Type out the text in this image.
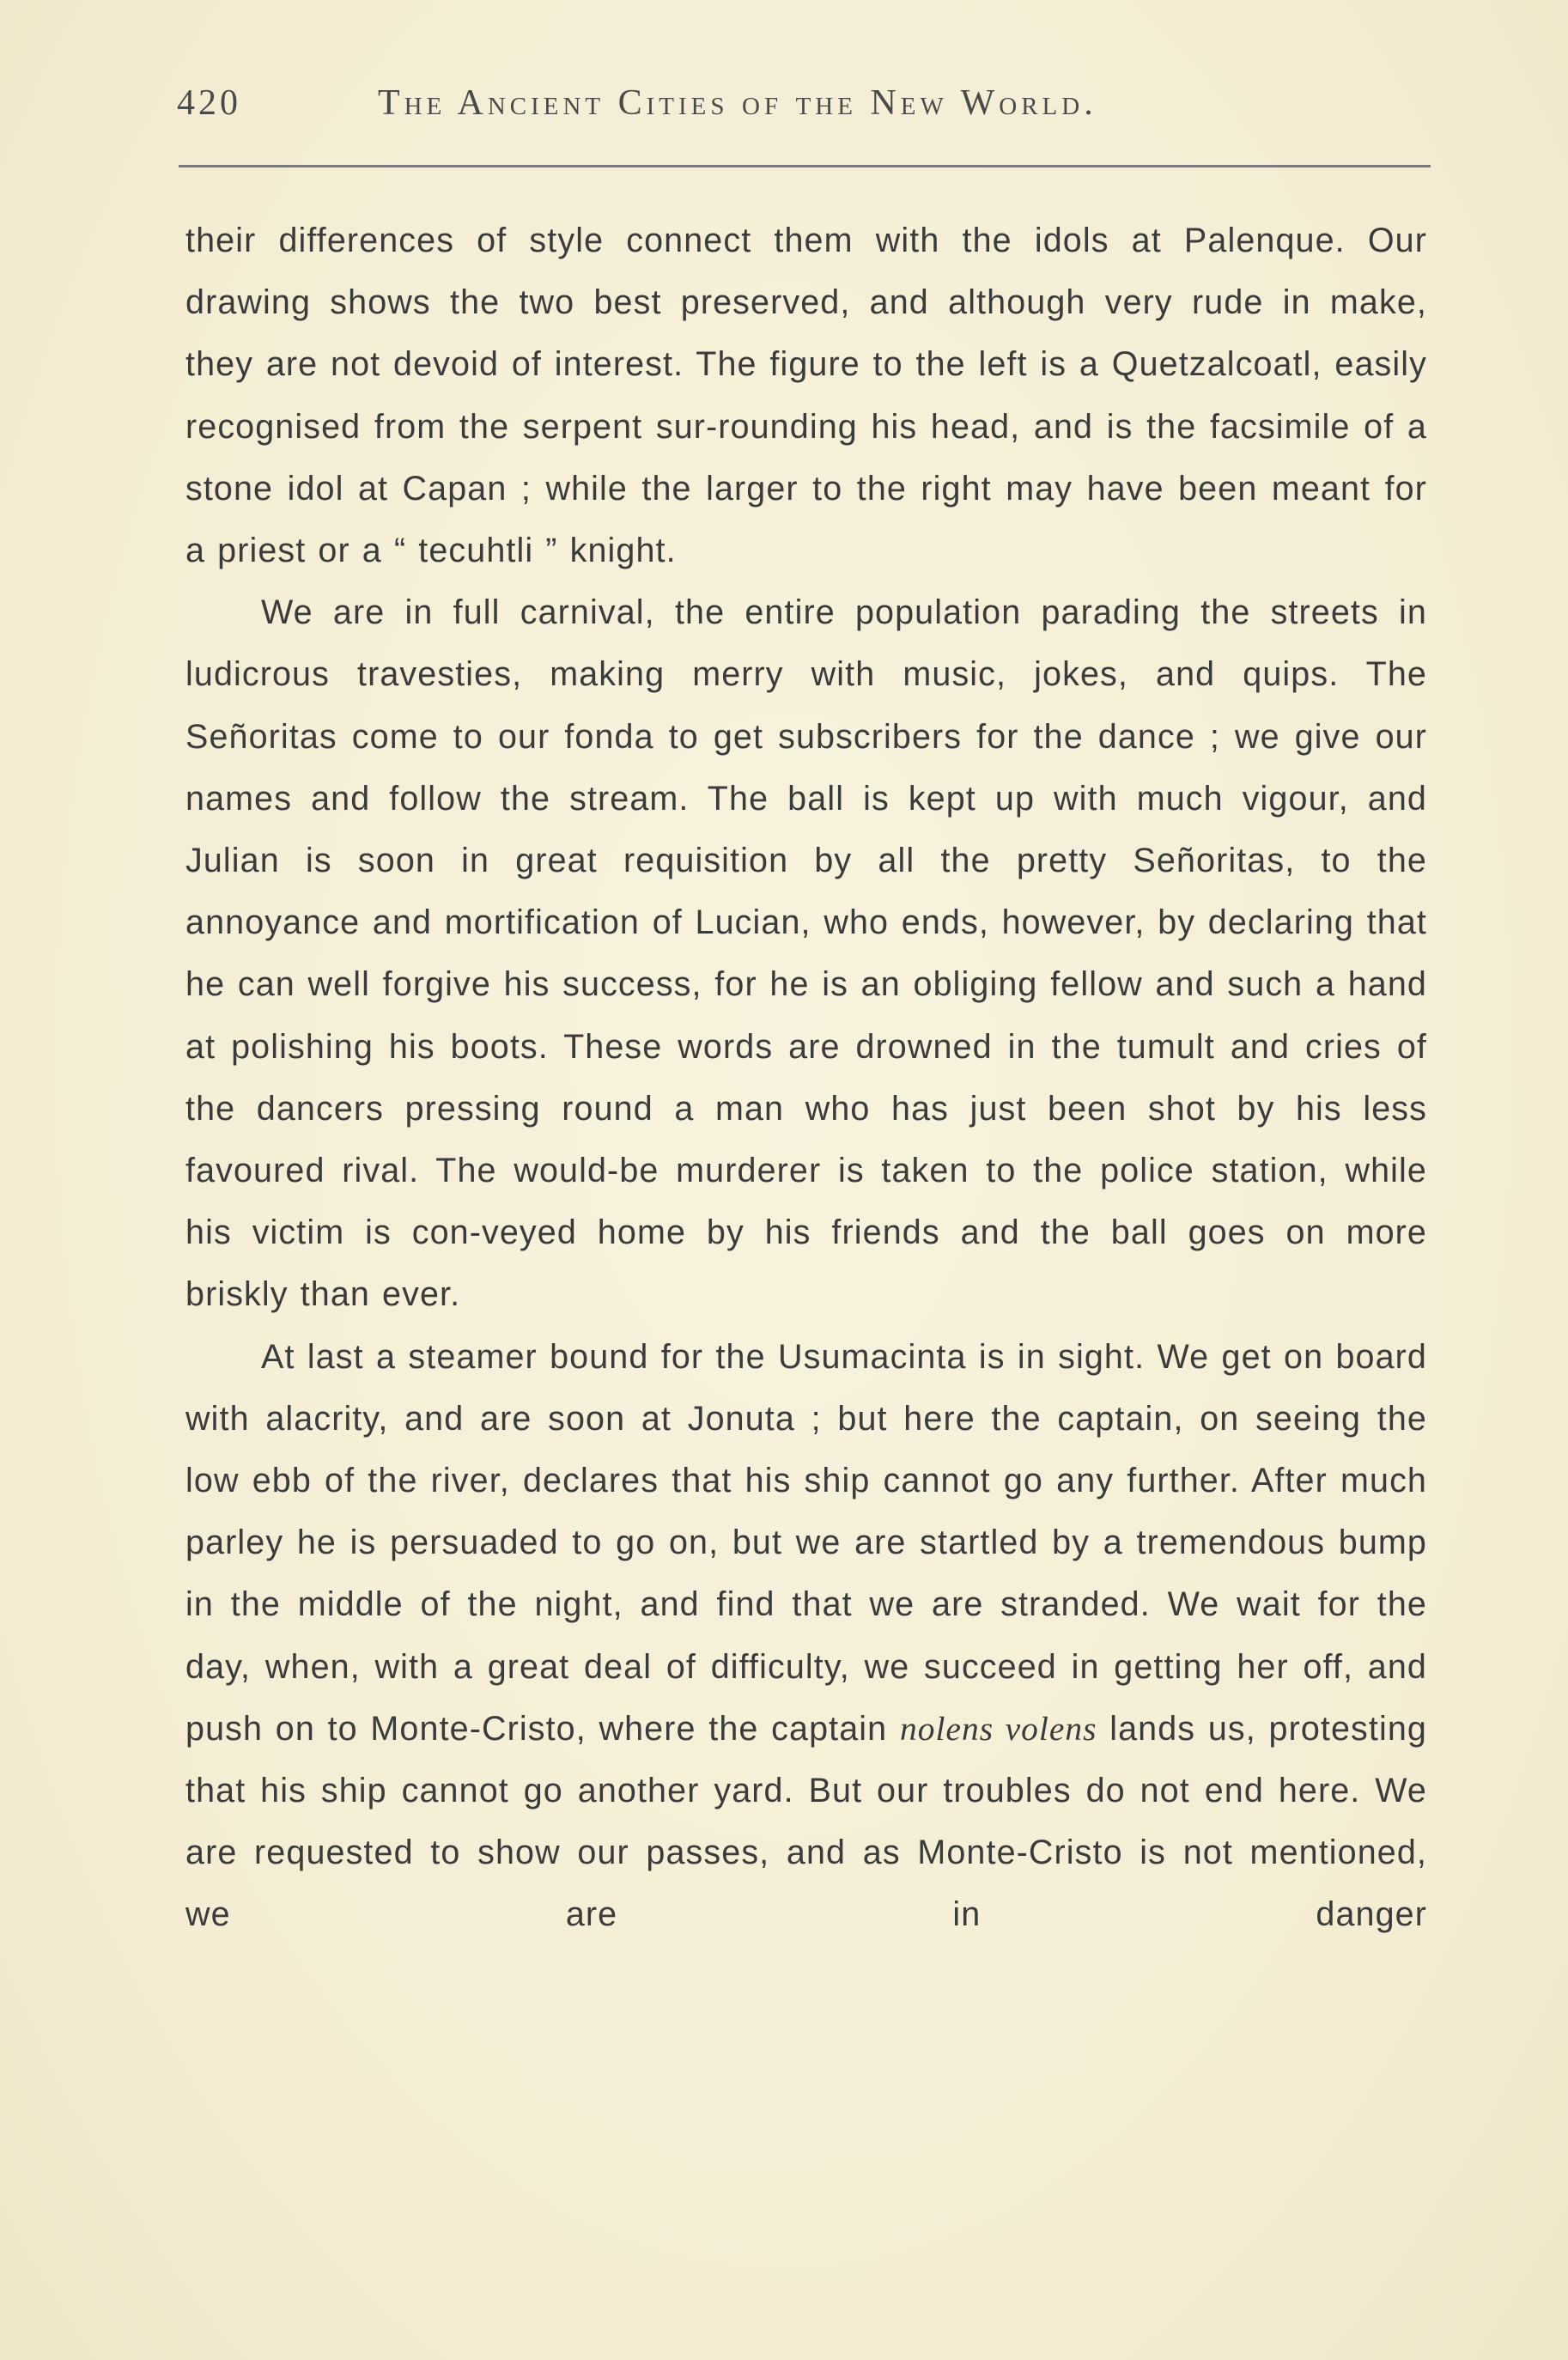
420	The Ancient Cities of the New World.

their differences of style connect them with the idols at Palenque. Our drawing shows the two best preserved, and although very rude in make, they are not devoid of interest. The figure to the left is a Quetzalcoatl, easily recognised from the serpent sur-rounding his head, and is the facsimile of a stone idol at Capan ; while the larger to the right may have been meant for a priest or a “ tecuhtli ” knight.

We are in full carnival, the entire population parading the streets in ludicrous travesties, making merry with music, jokes, and quips. The Señoritas come to our fonda to get subscribers for the dance ; we give our names and follow the stream. The ball is kept up with much vigour, and Julian is soon in great requisition by all the pretty Señoritas, to the annoyance and mortification of Lucian, who ends, however, by declaring that he can well forgive his success, for he is an obliging fellow and such a hand at polishing his boots. These words are drowned in the tumult and cries of the dancers pressing round a man who has just been shot by his less favoured rival. The would-be murderer is taken to the police station, while his victim is con-veyed home by his friends and the ball goes on more briskly than ever.

At last a steamer bound for the Usumacinta is in sight. We get on board with alacrity, and are soon at Jonuta ; but here the captain, on seeing the low ebb of the river, declares that his ship cannot go any further. After much parley he is persuaded to go on, but we are startled by a tremendous bump in the middle of the night, and find that we are stranded. We wait for the day, when, with a great deal of difficulty, we succeed in getting her off, and push on to Monte-Cristo, where the captain nolens volens lands us, protesting that his ship cannot go another yard. But our troubles do not end here. We are requested to show our passes, and as Monte-Cristo is not mentioned, we are in danger
